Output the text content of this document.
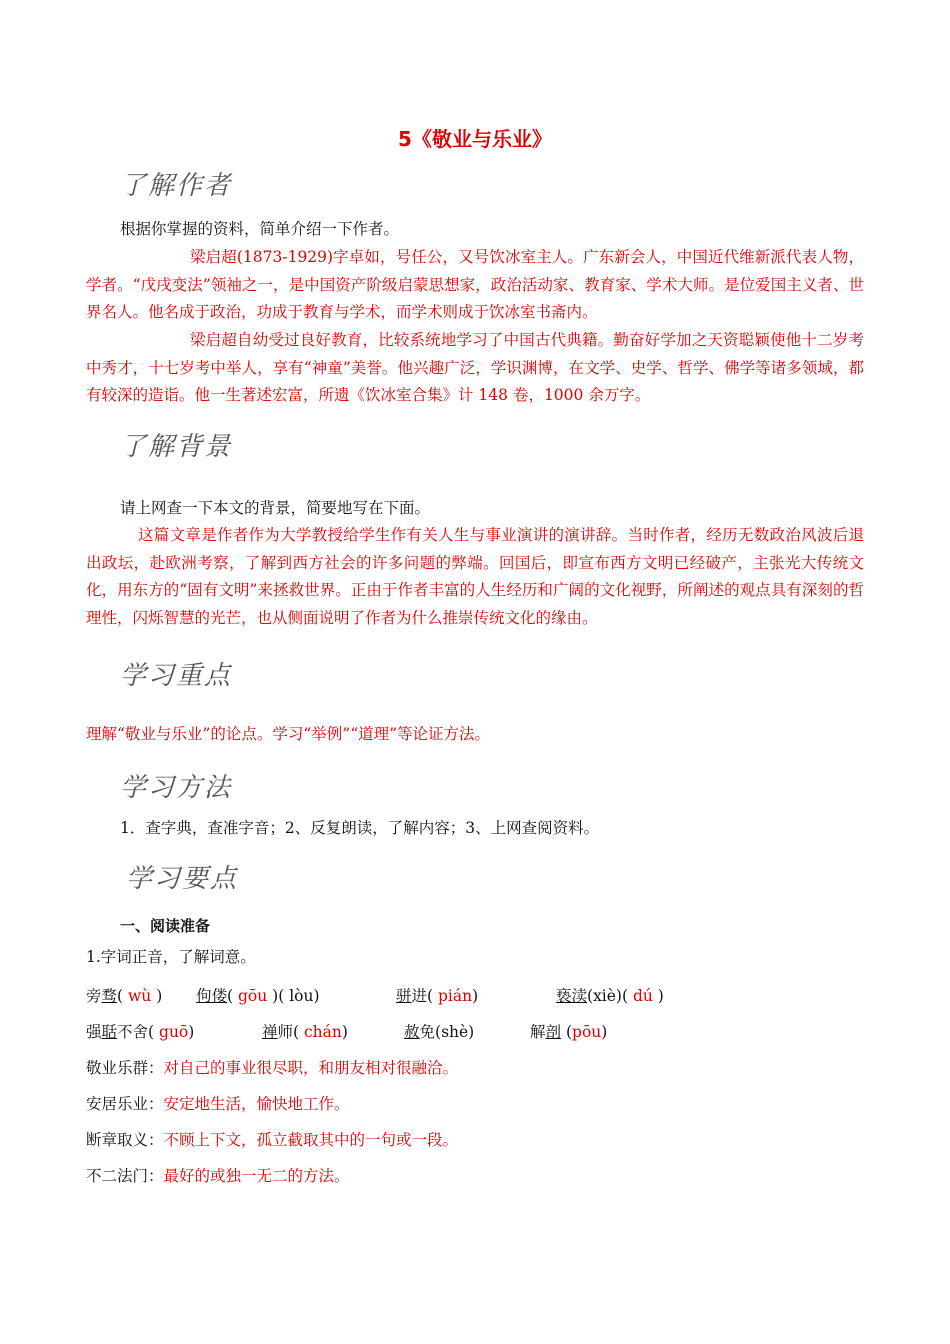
5《敬业与乐业》
了解作者
根据你掌握的资料，简单介绍一下作者。
梁启超(1873-1929)字卓如，号任公，又号饮冰室主人。广东新会人，中国近代维新派代表人物，学者。“戊戌变法”领袖之一，是中国资产阶级启蒙思想家，政治活动家、教育家、学术大师。是位爱国主义者、世界名人。他名成于政治，功成于教育与学术，而学术则成于饮冰室书斋内。
梁启超自幼受过良好教育，比较系统地学习了中国古代典籍。勤奋好学加之天资聪颖使他十二岁考中秀才，十七岁考中举人，享有“神童”美誉。他兴趣广泛，学识渊博，在文学、史学、哲学、佛学等诸多领域，都有较深的造诣。他一生著述宏富，所遗《饮冰室合集》计 148 卷，1000 余万字。
了解背景
请上网查一下本文的背景，简要地写在下面。
这篇文章是作者作为大学教授给学生作有关人生与事业演讲的演讲辞。当时作者，经历无数政治风波后退出政坛，赴欧洲考察，了解到西方社会的许多问题的弊端。回国后，即宣布西方文明已经破产，主张光大传统文化，用东方的“固有文明”来拯救世界。正由于作者丰富的人生经历和广阔的文化视野，所阐述的观点具有深刻的哲理性，闪烁智慧的光芒，也从侧面说明了作者为什么推崇传统文化的缘由。
学习重点
理解“敬业与乐业”的论点。学习“举例”“道理”等论证方法。
学习方法
1．查字典，查准字音；2、反复朗读，了解内容；3、上网查阅资料。
学习要点
一、阅读准备
1.字词正音，了解词意。
旁骛( wù ) 佝偻( gōu )( lòu)	骈进( pián)	亵渎(xiè)( dú )
强聒不舍( guō)	禅师( chán)	赦免(shè)	解剖 (pōu)
敬业乐群：对自己的事业很尽职，和朋友相对很融洽。
安居乐业：安定地生活，愉快地工作。
断章取义：不顾上下文，孤立截取其中的一句或一段。
不二法门：最好的或独一无二的方法。
